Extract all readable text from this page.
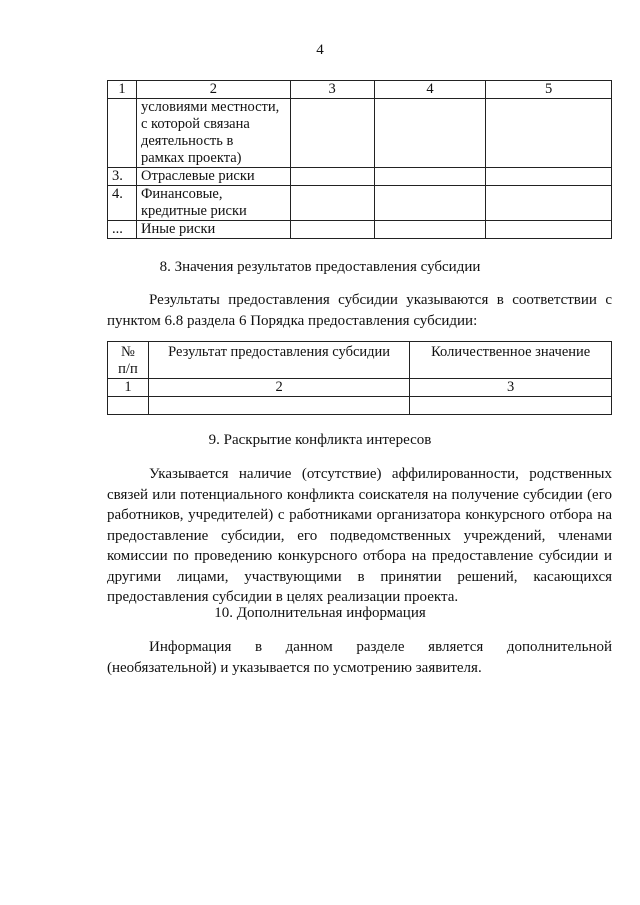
4
1	2	3	4	5

	условиями местности,
с которой связана
деятельность в
рамках проекта)			

3.	Отраслевые риски			

4.	Финансовые,
кредитные риски			

...	Иные риски			

8. Значения результатов предоставления субсидии
Результаты предоставления субсидии указываются в соответствии с пунктом 6.8 раздела 6 Порядка предоставления субсидии:
№
п/п	Результат предоставления субсидии	Количественное значение
1	2	3

9. Раскрытие конфликта интересов
Указывается наличие (отсутствие) аффилированности, родственных связей или потенциального конфликта соискателя на получение субсидии (его работников, учредителей) с работниками организатора конкурсного отбора на предоставление субсидии, его подведомственных учреждений, членами комиссии по проведению конкурсного отбора на предоставление субсидии и другими лицами, участвующими в принятии решений, касающихся предоставления субсидии в целях реализации проекта.
10. Дополнительная информация
Информация в данном разделе является дополнительной (необязательной) и указывается по усмотрению заявителя.
